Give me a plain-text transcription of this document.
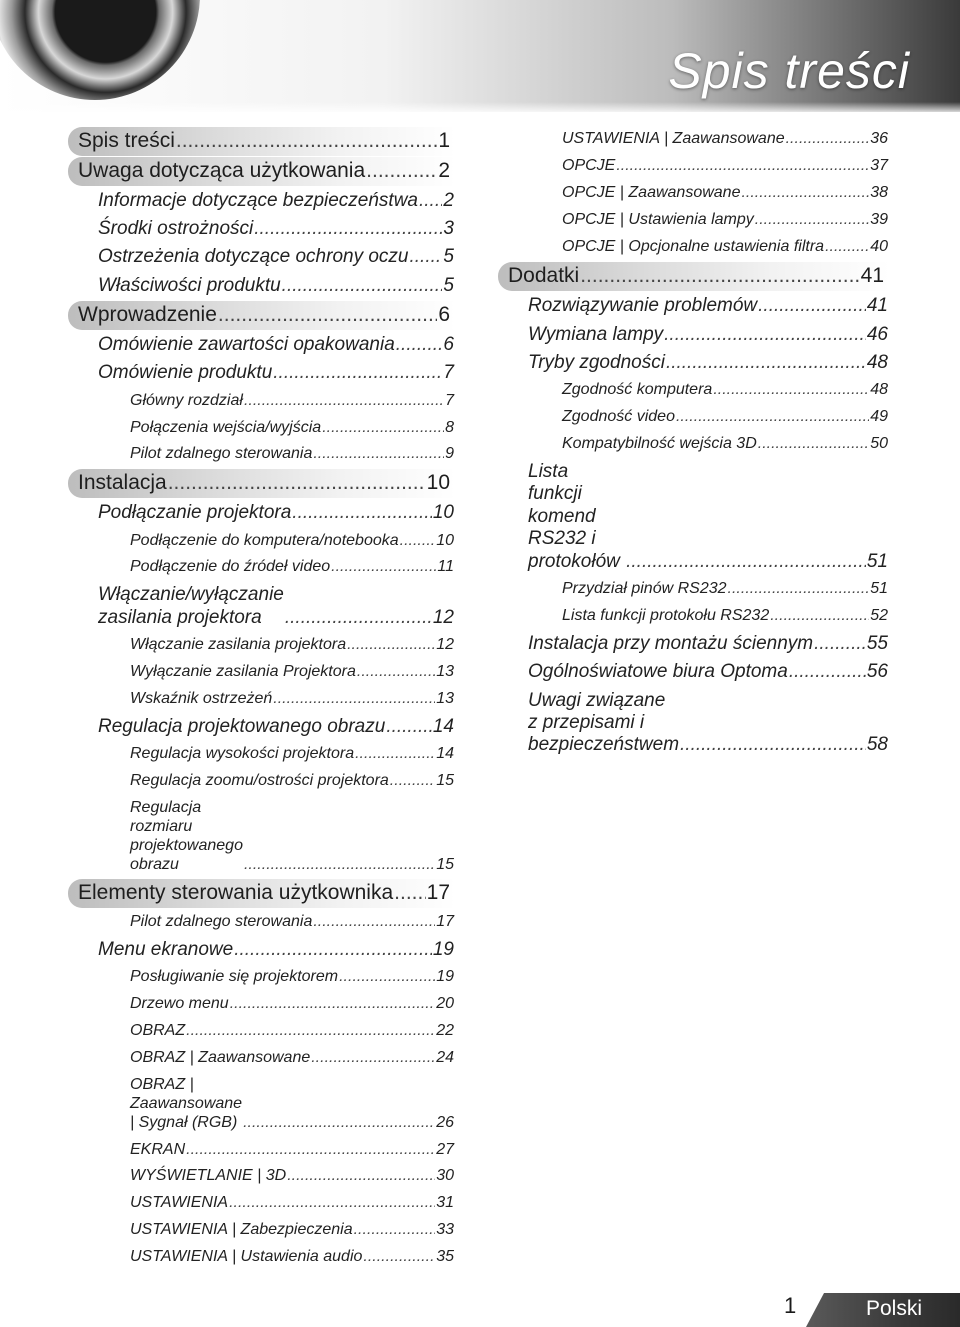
Spis treści
Spis treści .....	1
Uwaga dotycząca użytkowania .....	2
Informacje dotyczące bezpieczeństwa ..... 2
Środki ostrożności .....	3
Ostrzeżenia dotyczące ochrony oczu ..... 5
Właściwości produktu .....	5
Wprowadzenie .....	6
Omówienie zawartości opakowania .....	6
Omówienie produktu .....	7
Główny rozdział .....	7
Połączenia wejścia/wyjścia .....	8
Pilot zdalnego sterowania .....	9
Instalacja .....	10
Podłączanie projektora .....	10
Podłączenie do komputera/notebooka ..... 10
Podłączenie do źródeł video .....	11
Włączanie/wyłączanie zasilania projektora .....	12
Włączanie zasilania projektora .....	12
Wyłączanie zasilania Projektora .....	13
Wskaźnik ostrzeżeń .....	13
Regulacja projektowanego obrazu .....	14
Regulacja wysokości projektora .....	14
Regulacja zoomu/ostrości projektora .....	15
Regulacja rozmiaru projektowanego obrazu .....	15
Elementy sterowania użytkownika ..... 17
Pilot zdalnego sterowania .....	17
Menu ekranowe .....	19
Posługiwanie się projektorem .....	19
Drzewo menu .....	20
OBRAZ .....	22
OBRAZ | Zaawansowane .....	24
OBRAZ | Zaawansowane | Sygnał (RGB) .....	26
EKRAN .....	27
WYŚWIETLANIE | 3D .....	30
USTAWIENIA .....	31
USTAWIENIA | Zabezpieczenia .....	33
USTAWIENIA | Ustawienia audio .....	35
USTAWIENIA | Zaawansowane .....	36
OPCJE .....	37
OPCJE | Zaawansowane .....	38
OPCJE | Ustawienia lampy .....	39
OPCJE | Opcjonalne ustawienia filtra .....	40
Dodatki .....	41
Rozwiązywanie problemów .....	41
Wymiana lampy .....	46
Tryby zgodności .....	48
Zgodność komputera .....	48
Zgodność video .....	49
Kompatybilność wejścia 3D .....	50
Lista funkcji komend RS232 i protokołów .....	51
Przydział pinów RS232 .....	51
Lista funkcji protokołu RS232 .....	52
Instalacja przy montażu ściennym .....	55
Ogólnoświatowe biura Optoma .....	56
Uwagi związane z przepisami i bezpieczeństwem .....	58
1	Polski
